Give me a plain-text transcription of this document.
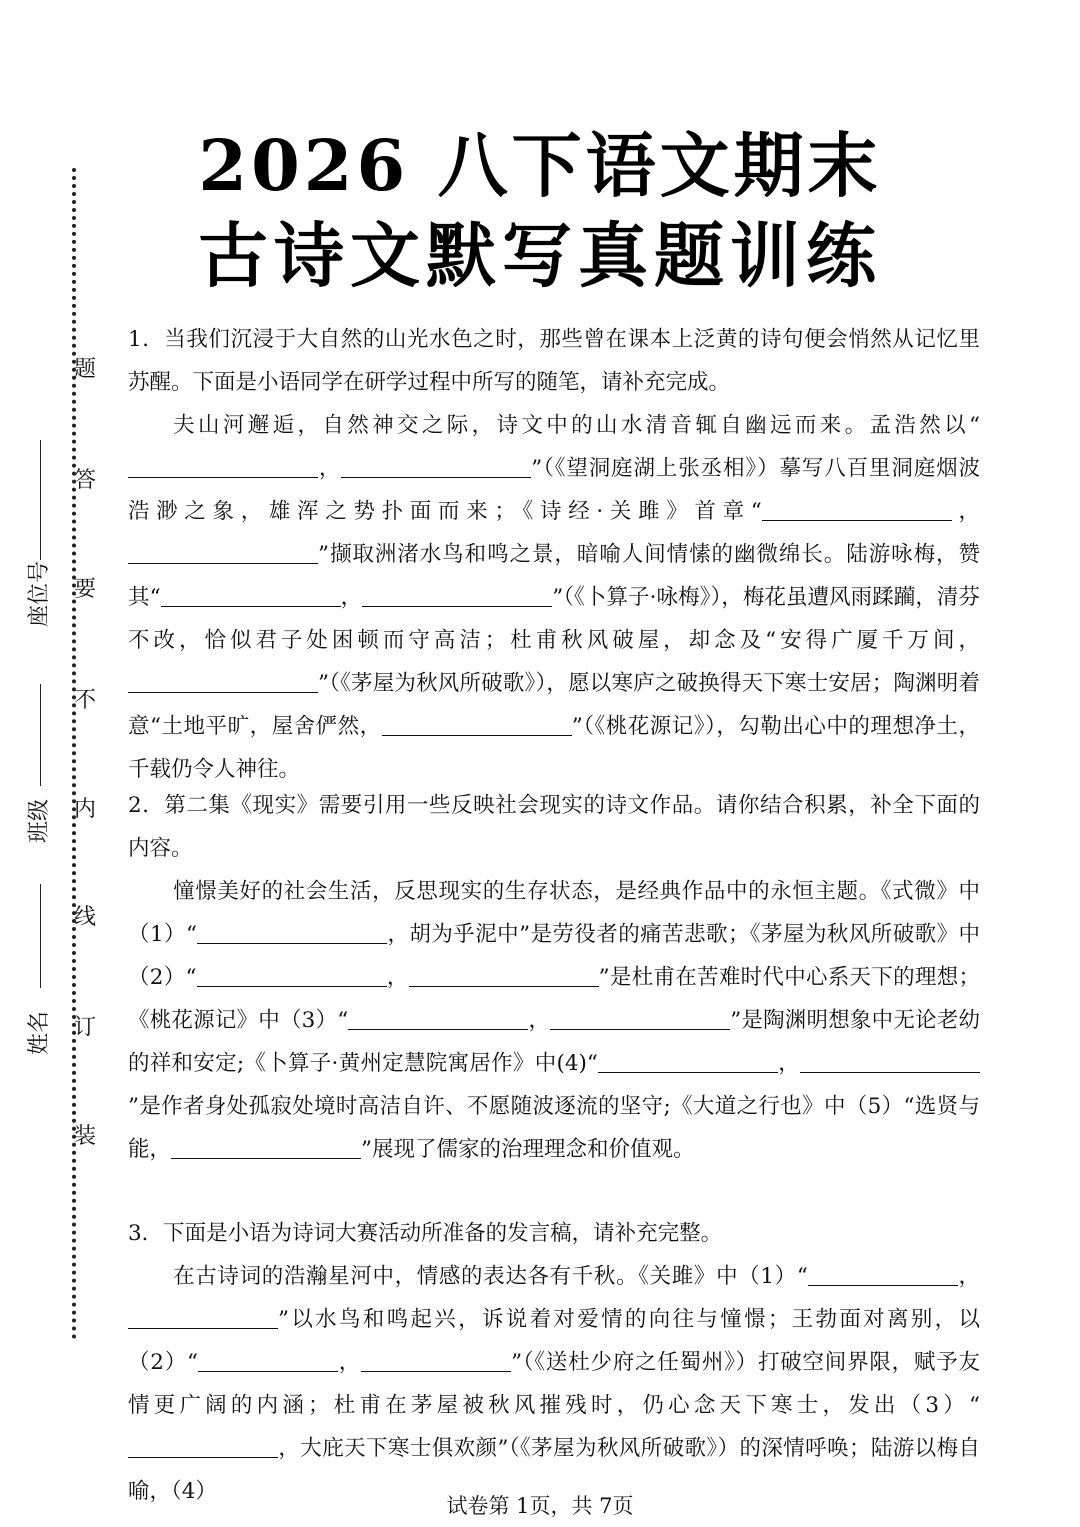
2026 八下语文期末
古诗文默写真题训练
题
答
要
不
内
线
订
装
座位号
班级
姓名

1．当我们沉浸于大自然的山光水色之时，那些曾在课本上泛黄的诗句便会悄然从记忆里苏醒。下面是小语同学在研学过程中所写的随笔，请补充完成。

夫山河邂逅，自然神交之际，诗文中的山水清音辄自幽远而来。孟浩然以“，	”（《望洞庭湖上张丞相》）摹写八百里洞庭烟波浩渺之象，雄浑之势扑面而来；《诗经·关雎》首章“	，”撷取洲渚水鸟和鸣之景，暗喻人间情愫的幽微绵长。陆游咏梅，赞其“	，	”（《卜算子·咏梅》），梅花虽遭风雨蹂躏，清芬不改，恰似君子处困顿而守高洁；杜甫秋风破屋，却念及“安得广厦千万间，”（《茅屋为秋风所破歌》），愿以寒庐之破换得天下寒士安居；陶渊明着意“土地平旷，屋舍俨然，	”（《桃花源记》），勾勒出心中的理想净土，千载仍令人神往。

2．第二集《现实》需要引用一些反映社会现实的诗文作品。请你结合积累，补全下面的内容。

憧憬美好的社会生活，反思现实的生存状态，是经典作品中的永恒主题。《式微》中（1）“	，胡为乎泥中”是劳役者的痛苦悲歌；《茅屋为秋风所破歌》中（2）“	，	”是杜甫在苦难时代中心系天下的理想；《桃花源记》中（3）“	，	”是陶渊明想象中无论老幼的祥和安定;《卜算子·黄州定慧院寓居作》中(4)“	，”是作者身处孤寂处境时高洁自许、不愿随波逐流的坚守;《大道之行也》中（5）“选贤与能，	”展现了儒家的治理理念和价值观。

3．下面是小语为诗词大赛活动所准备的发言稿，请补充完整。

在古诗词的浩瀚星河中，情感的表达各有千秋。《关雎》中（1）“	，”以水鸟和鸣起兴，诉说着对爱情的向往与憧憬；王勃面对离别，以（2）“	，	”（《送杜少府之任蜀州》）打破空间界限，赋予友情更广阔的内涵；杜甫在茅屋被秋风摧残时，仍心念天下寒士，发出（3）“，大庇天下寒士俱欢颜”（《茅屋为秋风所破歌》）的深情呼唤；陆游以梅自喻，（4）

试卷第 1页，共 7页
